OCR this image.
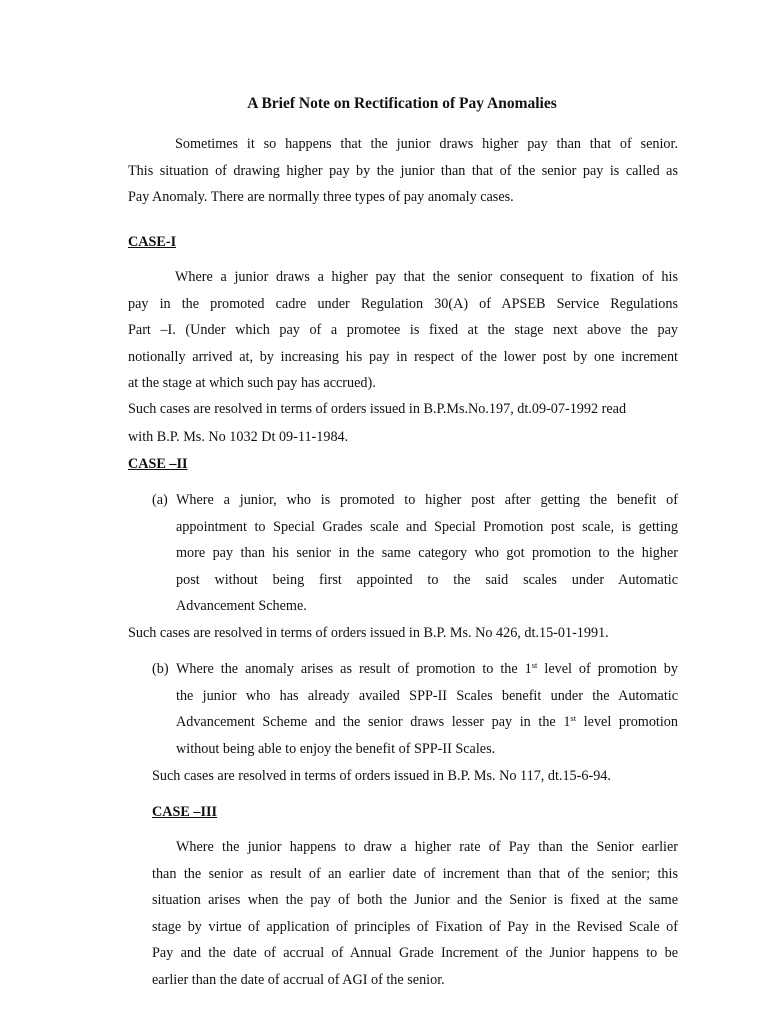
A Brief Note on Rectification of Pay Anomalies
Sometimes it so happens that the junior draws higher pay than that of senior.
This situation of drawing higher pay by the junior than that of the senior pay is called as
Pay Anomaly. There are normally three types of pay anomaly cases.
CASE-I
Where a junior draws a higher pay that the senior consequent to fixation of his
pay in the promoted cadre under Regulation 30(A) of APSEB Service Regulations
Part –I. (Under which pay of a promotee is fixed at the stage next above the pay
notionally arrived at, by increasing his pay in respect of the lower post by one increment
at the stage at which such pay has accrued).
Such cases are resolved in terms of orders issued in B.P.Ms.No.197, dt.09-07-1992 read
with B.P. Ms. No 1032 Dt 09-11-1984.
CASE –II
(a) Where a junior, who is promoted to higher post after getting the benefit of
appointment to Special Grades scale and Special Promotion post scale, is getting
more pay than his senior in the same category who got promotion to the higher
post without being first appointed to the said scales under Automatic
Advancement Scheme.
Such cases are resolved in terms of orders issued in B.P. Ms. No 426, dt.15-01-1991.
(b) Where the anomaly arises as result of promotion to the 1st level of promotion by
the junior who has already availed SPP-II Scales benefit under the Automatic
Advancement Scheme and the senior draws lesser pay in the 1st level promotion
without being able to enjoy the benefit of SPP-II Scales.
Such cases are resolved in terms of orders issued in B.P. Ms. No 117, dt.15-6-94.
CASE –III
Where the junior happens to draw a higher rate of Pay than the Senior earlier
than the senior as result of an earlier date of increment than that of the senior; this
situation arises when the pay of both the Junior and the Senior is fixed at the same
stage by virtue of application of principles of Fixation of Pay in the Revised Scale of
Pay and the date of accrual of Annual Grade Increment of the Junior happens to be
earlier than the date of accrual of AGI of the senior.
